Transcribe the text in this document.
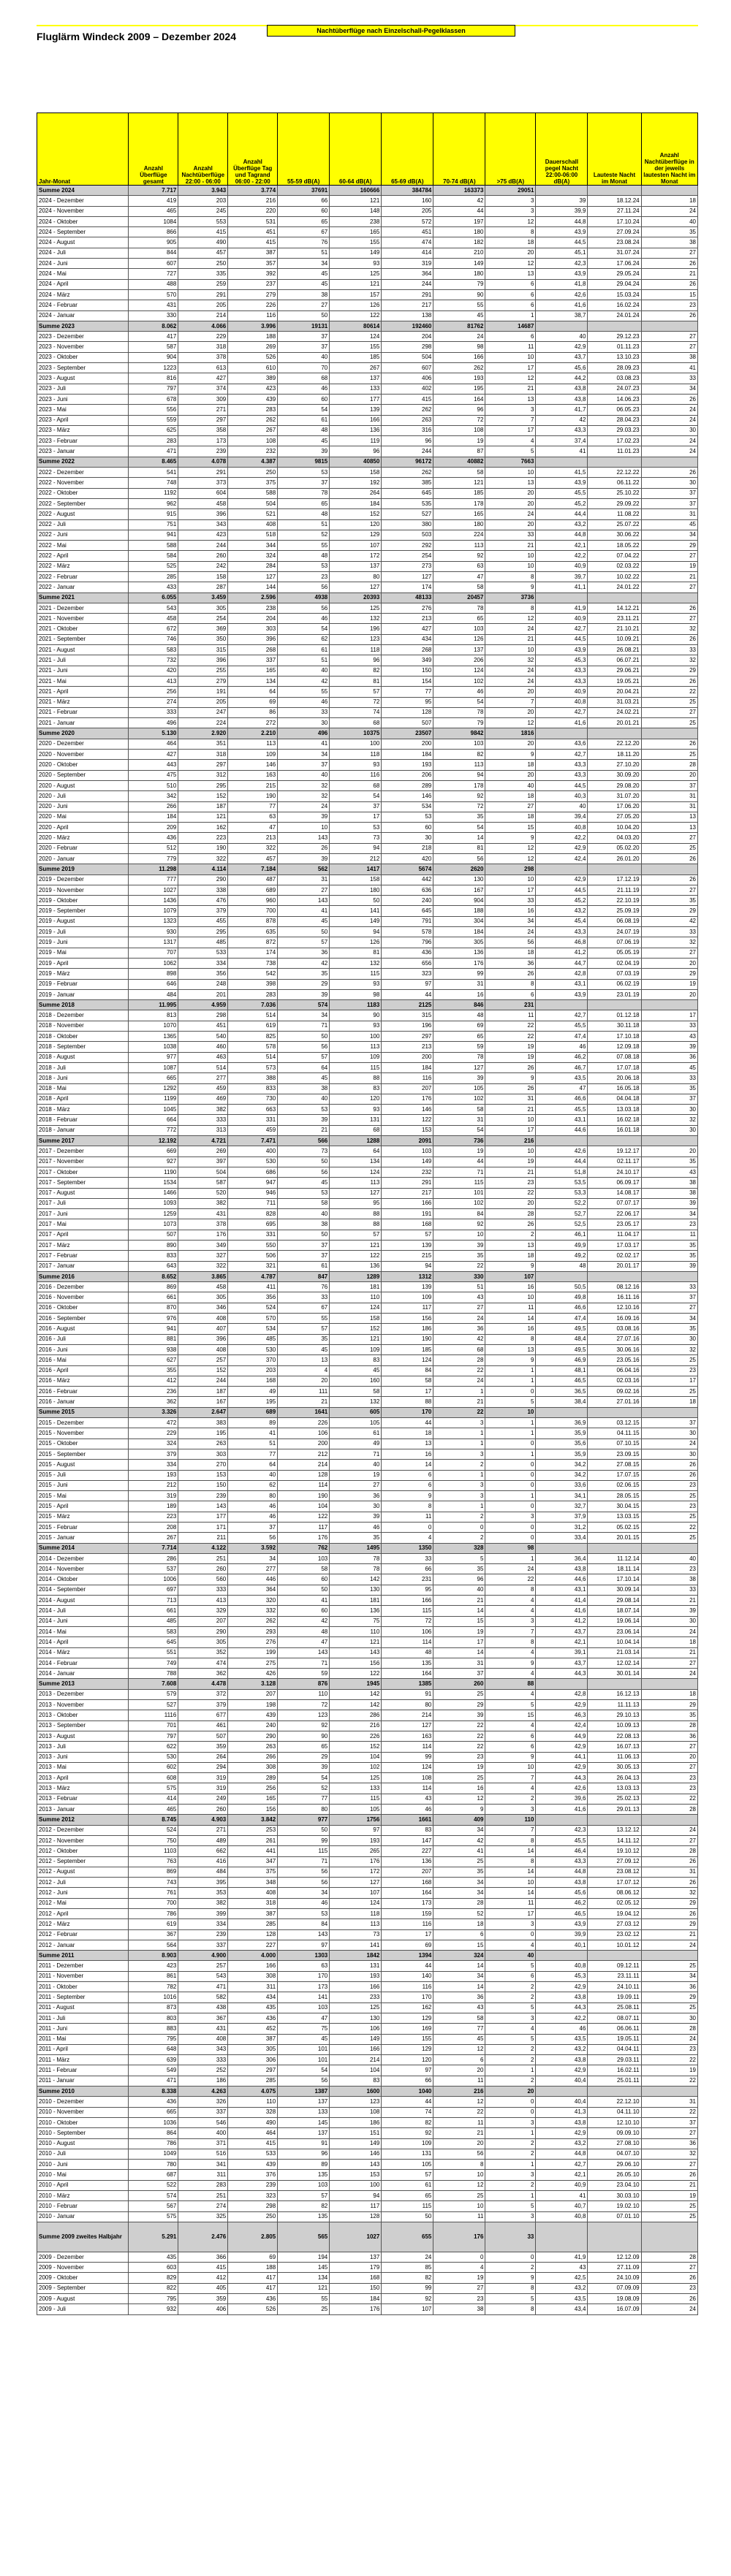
Fluglärm Windeck 2009 – Dezember 2024	Nachtüberflüge nach Einzelschall-Pegelklassen
Jahr-Monat	Anzahl Überflüge gesamt	Anzahl Nachtüberflüge 22:00 - 06:00	Anzahl Überflüge Tag und Tagrand 06:00 - 22:00	55-59 dB(A)	60-64 dB(A)	65-69 dB(A)	70-74 dB(A)	>75 dB(A)	Dauerschall pegel Nacht 22:00-06:00 dB(A)	Lauteste Nacht im Monat	Anzahl Nachtüberflüge in der jeweils lautesten Nacht im Monat
Summe 2024	7.717	3.943	3.774	37691	160666	384784	163373	29051			
2024 - Dezember	419	203	216	66	121	160	42	3	39	18.12.24	18
2024 - November	465	245	220	60	148	205	44	3	39,9	27.11.24	24
2024 - Oktober	1084	553	531	65	238	572	197	12	44,8	17.10.24	40
2024 - September	866	415	451	67	165	451	180	8	43,9	27.09.24	35
2024 - August	905	490	415	76	155	474	182	18	44,5	23.08.24	38
2024 - Juli	844	457	387	51	149	414	210	20	45,1	31.07.24	27
2024 - Juni	607	250	357	34	93	319	149	12	42,3	17.06.24	26
2024 - Mai	727	335	392	45	125	364	180	13	43,9	29.05.24	21
2024 - April	488	259	237	45	121	244	79	6	41,8	29.04.24	26
2024 - März	570	291	279	38	157	291	90	6	42,6	15.03.24	15
2024 - Februar	431	205	226	27	126	217	55	6	41,6	16.02.24	23
2024 - Januar	330	214	116	50	122	138	45	1	38,7	24.01.24	26
Summe 2023	8.062	4.066	3.996	19131	80614	192460	81762	14687			
2023 - Dezember	417	229	188	37	124	204	24	6	40	29.12.23	27
2023 - November	587	318	269	37	155	298	98	11	42,9	01.11.23	27
2023 - Oktober	904	378	526	40	185	504	166	10	43,7	13.10.23	38
2023 - September	1223	613	610	70	267	607	262	17	45,6	28.09.23	41
2023 - August	816	427	389	68	137	406	193	12	44,2	03.08.23	33
2023 - Juli	797	374	423	46	133	402	195	21	43,8	24.07.23	34
2023 - Juni	678	309	439	60	177	415	164	13	43,8	14.06.23	26
2023 - Mai	556	271	283	54	139	262	96	3	41,7	06.05.23	24
2023 - April	559	297	262	61	166	263	72	7	42	28.04.23	24
2023 - März	625	358	267	48	136	316	108	17	43,3	29.03.23	30
2023 - Februar	283	173	108	45	119	96	19	4	37,4	17.02.23	24
2023 - Januar	471	239	232	39	96	244	87	5	41	11.01.23	24
Summe 2022	8.465	4.078	4.387	9815	40850	96172	40882	7663			
2022 - Dezember	541	291	250	53	158	262	58	10	41,5	22.12.22	26
2022 - November	748	373	375	37	192	385	121	13	43,9	06.11.22	30
2022 - Oktober	1192	604	588	78	264	645	185	20	45,5	25.10.22	37
2022 - September	962	458	504	65	184	535	178	20	45,2	29.09.22	37
2022 - August	915	396	521	48	152	527	165	24	44,4	11.08.22	31
2022 - Juli	751	343	408	51	120	380	180	20	43,2	25.07.22	45
2022 - Juni	941	423	518	52	129	503	224	33	44,8	30.06.22	34
2022 - Mai	588	244	344	55	107	292	113	21	42,1	18.05.22	29
2022 - April	584	260	324	48	172	254	92	10	42,2	07.04.22	27
2022 - März	525	242	284	53	137	273	63	10	40,9	02.03.22	19
2022 - Februar	285	158	127	23	80	127	47	8	39,7	10.02.22	21
2022 - Januar	433	287	144	56	127	174	58	9	41,1	24.01.22	27
Summe 2021	6.055	3.459	2.596	4938	20393	48133	20457	3736			
2021 - Dezember	543	305	238	56	125	276	78	8	41,9	14.12.21	26
2021 - November	458	254	204	46	132	213	65	12	40,9	23.11.21	27
2021 - Oktober	672	369	303	54	196	427	103	24	42,7	21.10.21	32
2021 - September	746	350	396	62	123	434	126	21	44,5	10.09.21	26
2021 - August	583	315	268	61	118	268	137	10	43,9	26.08.21	33
2021 - Juli	732	396	337	51	96	349	206	32	45,3	06.07.21	32
2021 - Juni	420	255	165	40	82	150	124	24	43,3	29.06.21	29
2021 - Mai	413	279	134	42	81	154	102	24	43,3	19.05.21	26
2021 - April	256	191	64	55	57	77	46	20	40,9	20.04.21	22
2021 - März	274	205	69	46	72	95	54	7	40,8	31.03.21	25
2021 - Februar	333	247	86	33	74	128	78	20	42,7	24.02.21	27
2021 - Januar	496	224	272	30	68	507	79	12	41,6	20.01.21	25
Summe 2020	5.130	2.920	2.210	496	10375	23507	9842	1816			
2020 - Dezember	464	351	113	41	100	200	103	20	43,6	22.12.20	26
2020 - November	427	318	109	34	118	184	82	9	42,7	18.11.20	25
2020 - Oktober	443	297	146	37	93	193	113	18	43,3	27.10.20	28
2020 - September	475	312	163	40	116	206	94	20	43,3	30.09.20	20
2020 - August	510	295	215	32	68	289	178	40	44,5	29.08.20	37
2020 - Juli	342	152	190	32	54	146	92	18	40,3	31.07.20	31
2020 - Juni	266	187	77	24	37	534	72	27	40	17.06.20	31
2020 - Mai	184	121	63	39	17	53	35	18	39,4	27.05.20	13
2020 - April	209	162	47	10	53	60	54	15	40,8	10.04.20	13
2020 - März	436	223	213	143	73	30	14	9	42,2	04.03.20	27
2020 - Februar	512	190	322	26	94	218	81	12	42,9	05.02.20	25
2020 - Januar	779	322	457	39	212	420	56	12	42,4	26.01.20	26
Summe 2019	11.298	4.114	7.184	562	1417	5674	2620	298			
2019 - Dezember	777	290	487	31	158	442	130	10	42,9	17.12.19	26
2019 - November	1027	338	689	27	180	636	167	17	44,5	21.11.19	27
2019 - Oktober	1436	476	960	143	50	240	904	33	45,2	22.10.19	35
2019 - September	1079	379	700	41	141	645	188	16	43,2	25.09.19	29
2019 - August	1323	455	878	45	149	791	304	34	45,4	06.08.19	42
2019 - Juli	930	295	635	50	94	578	184	24	43,3	24.07.19	33
2019 - Juni	1317	485	872	57	126	796	305	56	46,8	07.06.19	32
2019 - Mai	707	533	174	36	81	436	136	18	41,2	05.05.19	27
2019 - April	1062	334	738	42	132	656	176	36	44,7	02.04.19	20
2019 - März	898	356	542	35	115	323	99	26	42,8	07.03.19	29
2019 - Februar	646	248	398	29	93	97	31	8	43,1	06.02.19	19
2019 - Januar	484	201	283	39	98	44	16	6	43,9	23.01.19	20
Summe 2018	11.995	4.959	7.036	574	1183	2125	846	231			
2018 - Dezember	813	298	514	34	90	315	48	11	42,7	01.12.18	17
2018 - November	1070	451	619	71	93	196	69	22	45,5	30.11.18	33
2018 - Oktober	1365	540	825	50	100	297	65	22	47,4	17.10.18	43
2018 - September	1038	460	578	56	113	213	59	19	46	12.09.18	39
2018 - August	977	463	514	57	109	200	78	19	46,2	07.08.18	36
2018 - Juli	1087	514	573	64	115	184	127	26	46,7	17.07.18	45
2018 - Juni	665	277	388	45	88	116	39	9	43,5	20.06.18	33
2018 - Mai	1292	459	833	38	83	207	105	26	47	16.05.18	35
2018 - April	1199	469	730	40	120	176	102	31	46,6	04.04.18	37
2018 - März	1045	382	663	53	93	146	58	21	45,5	13.03.18	30
2018 - Februar	664	333	331	39	131	122	31	10	43,1	16.02.18	32
2018 - Januar	772	313	459	21	68	153	54	17	44,6	16.01.18	30
Summe 2017	12.192	4.721	7.471	566	1288	2091	736	216			
2017 - Dezember	669	269	400	73	64	103	19	10	42,6	19.12.17	20
2017 - November	927	397	530	50	134	149	44	19	44,4	02.11.17	35
2017 - Oktober	1190	504	686	56	124	232	71	21	51,8	24.10.17	43
2017 - September	1534	587	947	45	113	291	115	23	53,5	06.09.17	38
2017 - August	1466	520	946	53	127	217	101	22	53,3	14.08.17	38
2017 - Juli	1093	382	711	58	95	166	102	20	52,2	07.07.17	39
2017 - Juni	1259	431	828	40	88	191	84	28	52,7	22.06.17	34
2017 - Mai	1073	378	695	38	88	168	92	26	52,5	23.05.17	23
2017 - April	507	176	331	50	57	57	10	2	46,1	11.04.17	11
2017 - März	890	349	550	37	121	139	39	13	49,9	17.03.17	35
2017 - Februar	833	327	506	37	122	215	35	18	49,2	02.02.17	35
2017 - Januar	643	322	321	61	136	94	22	9	48	20.01.17	39
Summe 2016	8.652	3.865	4.787	847	1289	1312	330	107			
2016 - Dezember	869	458	411	76	181	139	51	16	50,5	08.12.16	33
2016 - November	661	305	356	33	110	109	43	10	49,8	16.11.16	37
2016 - Oktober	870	346	524	67	124	117	27	11	46,6	12.10.16	27
2016 - September	976	408	570	55	158	156	24	14	47,4	16.09.16	34
2016 - August	941	407	534	57	152	186	36	16	49,5	03.08.16	35
2016 - Juli	881	396	485	35	121	190	42	8	48,4	27.07.16	30
2016 - Juni	938	408	530	45	109	185	68	13	49,5	30.06.16	32
2016 - Mai	627	257	370	13	83	124	28	9	46,9	23.05.16	25
2016 - April	355	152	203	4	45	84	22	1	48,1	06.04.16	23
2016 - März	412	244	168	20	160	58	24	1	46,5	02.03.16	17
2016 - Februar	236	187	49	111	58	17	1	0	36,5	09.02.16	25
2016 - Januar	362	167	195	21	132	88	21	5	38,4	27.01.16	18
Summe 2015	3.326	2.647	689	1641	605	170	22	10			
2015 - Dezember	472	383	89	226	105	44	3	1	36,9	03.12.15	37
2015 - November	229	195	41	106	61	18	1	1	35,9	04.11.15	30
2015 - Oktober	324	263	51	200	49	13	1	0	35,6	07.10.15	24
2015 - September	379	303	77	212	71	16	3	1	35,9	23.09.15	30
2015 - August	334	270	64	214	40	14	2	0	34,2	27.08.15	26
2015 - Juli	193	153	40	128	19	6	1	0	34,2	17.07.15	26
2015 - Juni	212	150	62	114	27	6	3	0	33,6	02.06.15	23
2015 - Mai	319	239	80	190	36	9	3	1	34,1	28.05.15	25
2015 - April	189	143	46	104	30	8	1	0	32,7	30.04.15	23
2015 - März	223	177	46	122	39	11	2	3	37,9	13.03.15	25
2015 - Februar	208	171	37	117	46	0	0	0	31,2	05.02.15	22
2015 - Januar	267	211	56	176	35	4	2	0	33,4	20.01.15	25
Summe 2014	7.714	4.122	3.592	762	1495	1350	328	98			
2014 - Dezember	286	251	34	103	78	33	5	1	36,4	11.12.14	40
2014 - November	537	260	277	58	78	66	35	24	43,8	18.11.14	23
2014 - Oktober	1006	560	446	60	142	231	96	22	44,6	17.10.14	38
2014 - September	697	333	364	50	130	95	40	8	43,1	30.09.14	33
2014 - August	713	413	320	41	181	166	21	4	41,4	29.08.14	21
2014 - Juli	661	329	332	60	136	115	14	4	41,6	18.07.14	39
2014 - Juni	485	207	262	42	75	72	15	3	41,2	19.06.14	30
2014 - Mai	583	290	293	48	110	106	19	7	43,7	23.06.14	24
2014 - April	645	305	276	47	121	114	17	8	42,1	10.04.14	18
2014 - März	551	352	199	143	143	48	14	4	39,1	21.03.14	21
2014 - Februar	749	474	275	71	156	135	31	9	43,7	12.02.14	27
2014 - Januar	788	362	426	59	122	164	37	4	44,3	30.01.14	24
Summe 2013	7.608	4.478	3.128	876	1945	1385	260	88			
2013 - Dezember	579	372	207	110	142	91	25	4	42,8	16.12.13	18
2013 - November	527	379	198	72	142	80	29	5	42,9	11.11.13	29
2013 - Oktober	1116	677	439	123	286	214	39	15	46,3	29.10.13	35
2013 - September	701	461	240	92	216	127	22	4	42,4	10.09.13	28
2013 - August	797	507	290	90	226	163	22	6	44,9	22.08.13	36
2013 - Juli	622	359	263	65	152	114	22	6	42,9	16.07.13	27
2013 - Juni	530	264	266	29	104	99	23	9	44,1	11.06.13	20
2013 - Mai	602	294	308	39	102	124	19	10	42,9	30.05.13	27
2013 - April	608	319	289	54	125	108	25	7	44,3	26.04.13	23
2013 - März	575	319	256	52	133	114	16	4	42,6	13.03.13	23
2013 - Februar	414	249	165	77	115	43	12	2	39,6	25.02.13	22
2013 - Januar	465	260	156	80	105	46	9	3	41,6	29.01.13	28
Summe 2012	8.745	4.903	3.842	977	1756	1661	409	110			
2012 - Dezember	524	271	253	50	97	83	34	7	42,3	13.12.12	24
2012 - November	750	489	261	99	193	147	42	8	45,5	14.11.12	27
2012 - Oktober	1103	662	441	115	265	227	41	14	46,4	19.10.12	28
2012 - September	763	416	347	71	176	136	25	8	43,3	27.09.12	26
2012 - August	869	484	375	56	172	207	35	14	44,8	23.08.12	31
2012 - Juli	743	395	348	56	127	168	34	10	43,8	17.07.12	26
2012 - Juni	761	353	408	34	107	164	34	14	45,6	08.06.12	32
2012 - Mai	700	382	318	46	124	173	28	11	46,2	02.05.12	29
2012 - April	786	399	387	53	118	159	52	17	46,5	19.04.12	26
2012 - März	619	334	285	84	113	116	18	3	43,9	27.03.12	29
2012 - Februar	367	239	128	143	73	17	6	0	39,9	23.02.12	21
2012 - Januar	564	337	227	97	141	69	15	4	40,1	10.01.12	24
Summe 2011	8.903	4.900	4.000	1303	1842	1394	324	40			
2011 - Dezember	423	257	166	63	131	44	14	5	40,8	09.12.11	25
2011 - November	861	543	308	170	193	140	34	6	45,3	23.11.11	34
2011 - Oktober	782	471	311	173	166	116	14	2	42,9	24.10.11	36
2011 - September	1016	582	434	141	233	170	36	2	43,8	19.09.11	29
2011 - August	873	438	435	103	125	162	43	5	44,3	25.08.11	25
2011 - Juli	803	367	436	47	130	129	58	3	42,2	08.07.11	30
2011 - Juni	883	431	452	75	106	169	77	4	46	06.06.11	28
2011 - Mai	795	408	387	45	149	155	45	5	43,5	19.05.11	24
2011 - April	648	343	305	101	166	129	12	2	43,2	04.04.11	23
2011 - März	639	333	306	101	214	120	6	2	43,8	29.03.11	22
2011 - Februar	549	252	297	54	104	97	20	1	42,9	16.02.11	19
2011 - Januar	471	186	285	56	83	66	11	2	40,4	25.01.11	22
Summe 2010	8.338	4.263	4.075	1387	1600	1040	216	20			
2010 - Dezember	436	326	110	137	123	44	12	0	40,4	22.12.10	31
2010 - November	665	337	328	133	108	74	22	0	41,3	04.11.10	22
2010 - Oktober	1036	546	490	145	186	82	11	3	43,8	12.10.10	37
2010 - September	864	400	464	137	151	92	21	1	42,9	09.09.10	27
2010 - August	786	371	415	91	149	109	20	2	43,2	27.08.10	36
2010 - Juli	1049	516	533	96	146	131	56	2	44,8	04.07.10	32
2010 - Juni	780	341	439	89	143	105	8	1	42,7	29.06.10	27
2010 - Mai	687	311	376	135	153	57	10	3	42,1	26.05.10	26
2010 - April	522	283	239	103	100	61	12	2	40,9	23.04.10	21
2010 - März	574	251	323	57	94	65	25	1	41	30.03.10	19
2010 - Februar	567	274	298	82	117	115	10	5	40,7	19.02.10	25
2010 - Januar	575	325	250	135	128	50	11	3	40,8	07.01.10	25
Summe 2009 zweites Halbjahr	5.291	2.476	2.805	565	1027	655	176	33			
2009 - Dezember	435	366	69	194	137	24	0	0	41,9	12.12.09	28
2009 - November	603	415	188	145	179	85	4	2	43	27.11.09	27
2009 - Oktober	829	412	417	134	168	82	19	9	42,5	24.10.09	26
2009 - September	822	405	417	121	150	99	27	8	43,2	07.09.09	23
2009 - August	795	359	436	55	184	92	23	5	43,5	19.08.09	26
2009 - Juli	932	406	526	25	176	107	38	8	43,4	16.07.09	24
